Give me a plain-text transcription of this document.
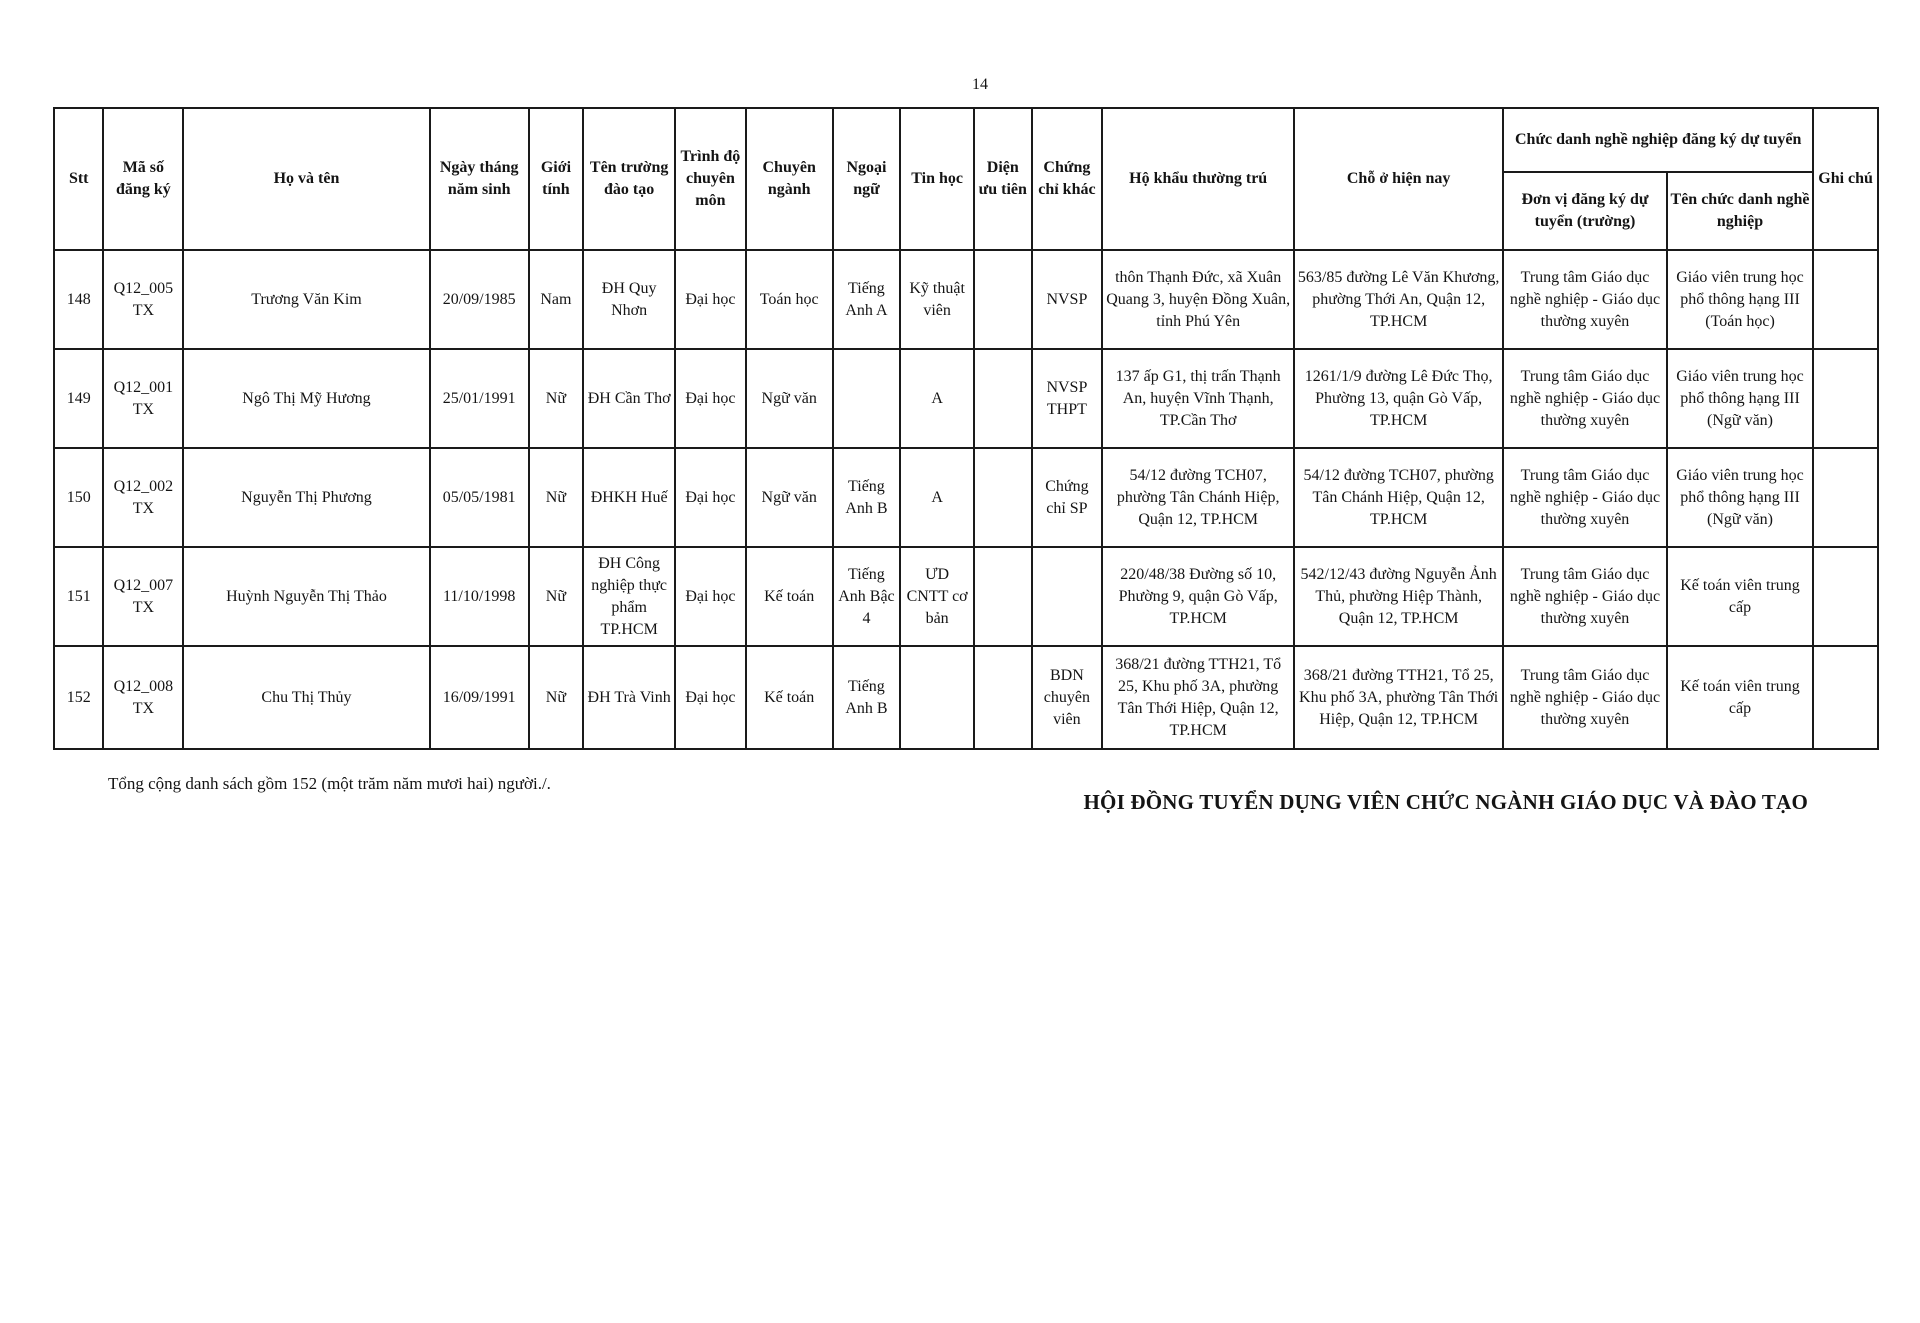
14
Stt	Mã số đăng ký	Họ và tên	Ngày tháng năm sinh	Giới tính	Tên trường đào tạo	Trình độ chuyên môn	Chuyên ngành	Ngoại ngữ	Tin học	Diện ưu tiên	Chứng chỉ khác	Hộ khẩu thường trú	Chỗ ở hiện nay	Chức danh nghề nghiệp đăng ký dự tuyển		Ghi chú
														Đơn vị đăng ký dự tuyển (trường)	Tên chức danh nghề nghiệp	
148	Q12_005 TX	Trương Văn Kim	20/09/1985	Nam	ĐH Quy Nhơn	Đại học	Toán học	Tiếng Anh A	Kỹ thuật viên		NVSP	thôn Thạnh Đức, xã Xuân Quang 3, huyện Đồng Xuân, tỉnh Phú Yên	563/85 đường Lê Văn Khương, phường Thới An, Quận 12, TP.HCM	Trung tâm Giáo dục nghề nghiệp - Giáo dục thường xuyên	Giáo viên trung học phổ thông hạng III (Toán học)	
149	Q12_001 TX	Ngô Thị Mỹ Hương	25/01/1991	Nữ	ĐH Cần Thơ	Đại học	Ngữ văn		A		NVSP THPT	137 ấp G1, thị trấn Thạnh An, huyện Vĩnh Thạnh, TP.Cần Thơ	1261/1/9 đường Lê Đức Thọ, Phường 13, quận Gò Vấp, TP.HCM	Trung tâm Giáo dục nghề nghiệp - Giáo dục thường xuyên	Giáo viên trung học phổ thông hạng III (Ngữ văn)	
150	Q12_002 TX	Nguyễn Thị Phương	05/05/1981	Nữ	ĐHKH Huế	Đại học	Ngữ văn	Tiếng Anh B	A		Chứng chỉ SP	54/12 đường TCH07, phường Tân Chánh Hiệp, Quận 12, TP.HCM	54/12 đường TCH07, phường Tân Chánh Hiệp, Quận 12, TP.HCM	Trung tâm Giáo dục nghề nghiệp - Giáo dục thường xuyên	Giáo viên trung học phổ thông hạng III (Ngữ văn)	
151	Q12_007 TX	Huỳnh Nguyễn Thị Thảo	11/10/1998	Nữ	ĐH Công nghiệp thực phẩm TP.HCM	Đại học	Kế toán	Tiếng Anh Bậc 4	ƯD CNTT cơ bản			220/48/38 Đường số 10, Phường 9, quận Gò Vấp, TP.HCM	542/12/43 đường Nguyễn Ảnh Thủ, phường Hiệp Thành, Quận 12, TP.HCM	Trung tâm Giáo dục nghề nghiệp - Giáo dục thường xuyên	Kế toán viên trung cấp	
152	Q12_008 TX	Chu Thị Thủy	16/09/1991	Nữ	ĐH Trà Vinh	Đại học	Kế toán	Tiếng Anh B			BDN chuyên viên	368/21 đường TTH21, Tổ 25, Khu phố 3A, phường Tân Thới Hiệp, Quận 12, TP.HCM	368/21 đường TTH21, Tổ 25, Khu phố 3A, phường Tân Thới Hiệp, Quận 12, TP.HCM	Trung tâm Giáo dục nghề nghiệp - Giáo dục thường xuyên	Kế toán viên trung cấp	
Tổng cộng danh sách gồm 152 (một trăm năm mươi hai) người./.
HỘI ĐỒNG TUYỂN DỤNG VIÊN CHỨC NGÀNH GIÁO DỤC VÀ ĐÀO TẠO
